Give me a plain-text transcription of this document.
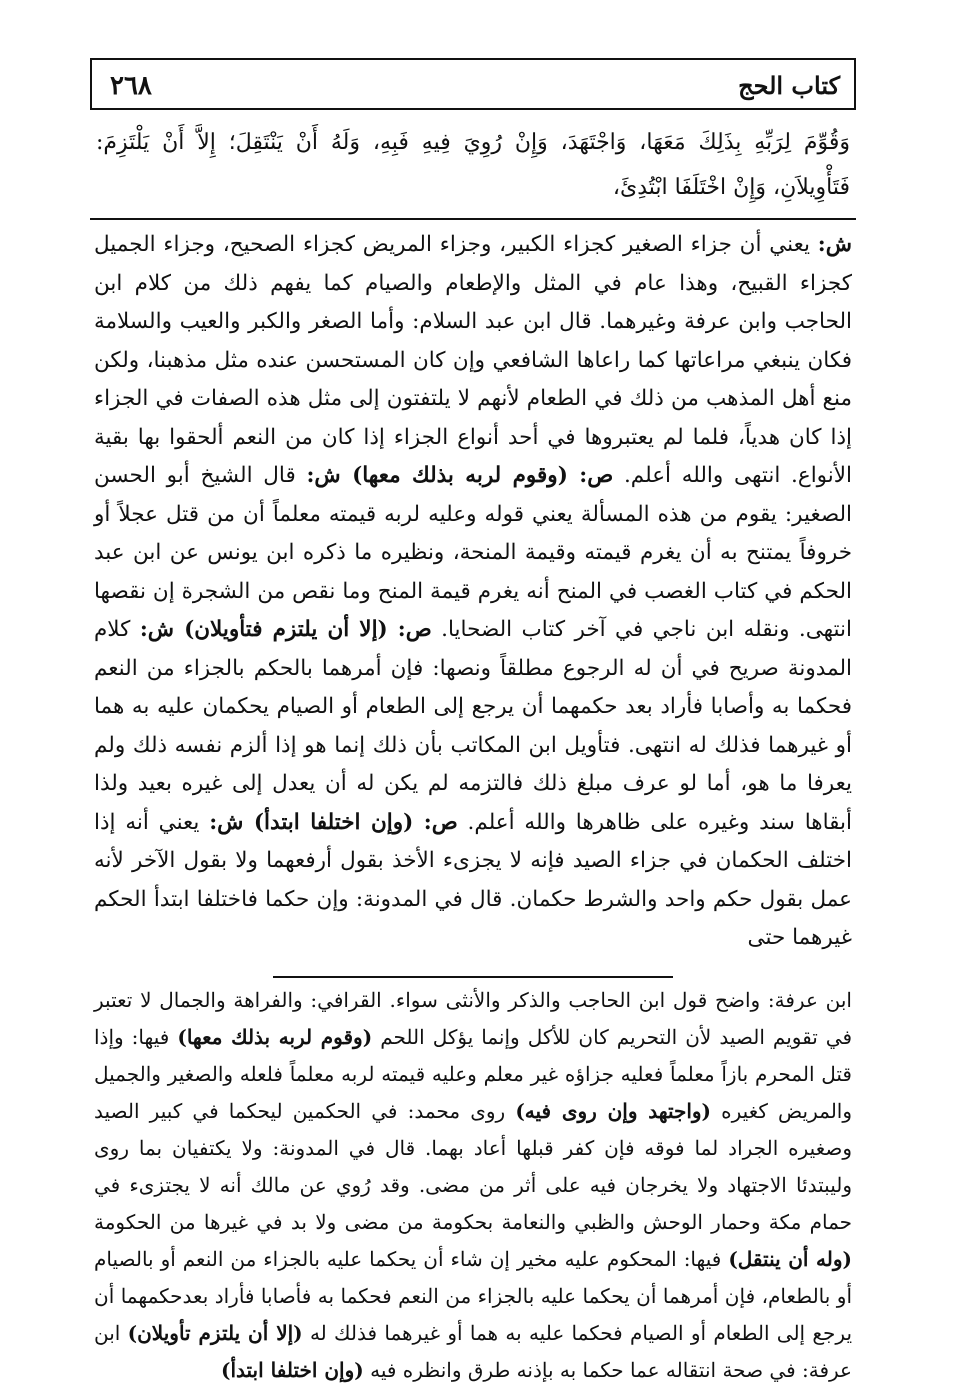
كتاب الحج
٢٦٨
وَقُوِّمَ لِرَبِّهِ بِذَلِكَ مَعَهَا، وَاجْتَهَدَ، وَإِنْ رُوِيَ فِيهِ فَبِهِ، وَلَهُ أَنْ يَنْتَقِلَ؛ إِلاَّ أَنْ يَلْتَزِمَ: فَتَأْوِيلاَنِ، وَإِنْ اخْتَلَفَا ابْتُدِئَ،
ش: يعني أن جزاء الصغير كجزاء الكبير، وجزاء المريض كجزاء الصحيح، وجزاء الجميل كجزاء القبيح، وهذا عام في المثل والإطعام والصيام كما يفهم ذلك من كلام ابن الحاجب وابن عرفة وغيرهما. قال ابن عبد السلام: وأما الصغر والكبر والعيب والسلامة فكان ينبغي مراعاتها كما راعاها الشافعي وإن كان المستحسن عنده مثل مذهبنا، ولكن منع أهل المذهب من ذلك في الطعام لأنهم لا يلتفتون إلى مثل هذه الصفات في الجزاء إذا كان هدياً، فلما لم يعتبروها في أحد أنواع الجزاء إذا كان من النعم ألحقوا بها بقية الأنواع. انتهى والله أعلم. ص: (وقوم لربه بذلك معها) ش: قال الشيخ أبو الحسن الصغير: يقوم من هذه المسألة يعني قوله وعليه لربه قيمته معلماً أن من قتل عجلاً أو خروفاً يمتنح به أن يغرم قيمته وقيمة المنحة، ونظيره ما ذكره ابن يونس عن ابن عبد الحكم في كتاب الغصب في المنح أنه يغرم قيمة المنح وما نقص من الشجرة إن نقصها انتهى. ونقله ابن ناجي في آخر كتاب الضحايا. ص: (إلا أن يلتزم فتأويلان) ش: كلام المدونة صريح في أن له الرجوع مطلقاً ونصها: فإن أمرهما بالحكم بالجزاء من النعم فحكما به وأصابا فأراد بعد حكمهما أن يرجع إلى الطعام أو الصيام يحكمان عليه به هما أو غيرهما فذلك له انتهى. فتأويل ابن المكاتب بأن ذلك إنما هو إذا ألزم نفسه ذلك ولم يعرفا ما هو، أما لو عرف مبلغ ذلك فالتزمه لم يكن له أن يعدل إلى غيره بعيد ولذا أبقاها سند وغيره على ظاهرها والله أعلم. ص: (وإن اختلفا ابتدأ) ش: يعني أنه إذا اختلف الحكمان في جزاء الصيد فإنه لا يجزىء الأخذ بقول أرفعهما ولا بقول الآخر لأنه عمل بقول حكم واحد والشرط حكمان. قال في المدونة: وإن حكما فاختلفا ابتدأ الحكم غيرهما حتى
ابن عرفة: واضح قول ابن الحاجب والذكر والأنثى سواء. القرافي: والفراهة والجمال لا تعتبر في تقويم الصيد لأن التحريم كان للأكل وإنما يؤكل اللحم (وقوم لربه بذلك معها) فيها: وإذا قتل المحرم بازاً معلماً فعليه جزاؤه غير معلم وعليه قيمته لربه معلماً فلعله والصغير والجميل والمريض كغيره (واجتهد وإن روى فيه) روى محمد: في الحكمين ليحكما في كبير الصيد وصغيره الجراد لما فوقه فإن كفر قبلها أعاد بهما. قال في المدونة: ولا يكتفيان بما روى وليبتدئا الاجتهاد ولا يخرجان فيه على أثر من مضى. وقد رُوي عن مالك أنه لا يجتزىء في حمام مكة وحمار الوحش والظبي والنعامة بحكومة من مضى ولا بد في غيرها من الحكومة (وله أن ينتقل) فيها: المحكوم عليه مخير إن شاء أن يحكما عليه بالجزاء من النعم أو بالصيام أو بالطعام، فإن أمرهما أن يحكما عليه بالجزاء من النعم فحكما به فأصابا فأراد بعدحكمهما أن يرجع إلى الطعام أو الصيام فحكما عليه به هما أو غيرهما فذلك له (إلا أن يلتزم تأويلان) ابن عرفة: في صحة انتقاله عما حكما به بإذنه طرق وانظره فيه (وإن اختلفا ابتدأ)
